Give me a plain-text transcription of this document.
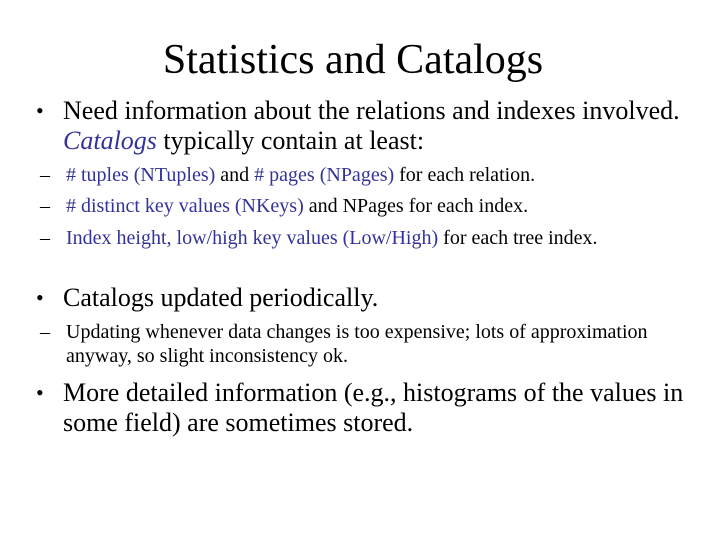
Statistics and Catalogs
• Need information about the relations and indexes involved. Catalogs typically contain at least:
– # tuples (NTuples) and # pages (NPages) for each relation.
– # distinct key values (NKeys) and NPages for each index.
– Index height, low/high key values (Low/High) for each tree index.
• Catalogs updated periodically.
– Updating whenever data changes is too expensive; lots of approximation anyway, so slight inconsistency ok.
• More detailed information (e.g., histograms of the values in some field) are sometimes stored.
